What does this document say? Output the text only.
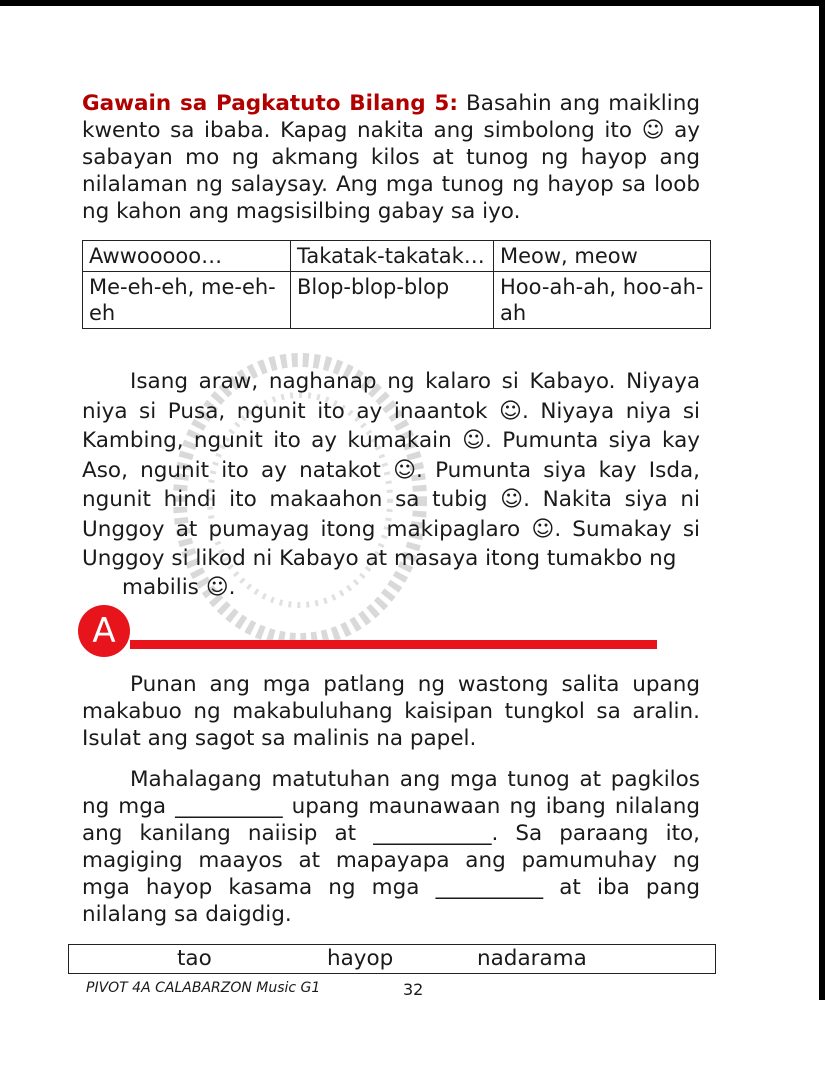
Gawain sa Pagkatuto Bilang 5: Basahin ang maikling kwento sa ibaba. Kapag nakita ang simbolong ito ☺ ay sabayan mo ng akmang kilos at tunog ng hayop ang nilalaman ng salaysay. Ang mga tunog ng hayop sa loob ng kahon ang magsisilbing gabay sa iyo.

Awwooooo…	Takatak-takatak…	Meow, meow
Me-eh-eh, me-eh-eh	Blop-blop-blop	Hoo-ah-ah, hoo-ah-ah

Isang araw, naghanap ng kalaro si Kabayo. Niyaya niya si Pusa, ngunit ito ay inaantok ☺. Niyaya niya si Kambing, ngunit ito ay kumakain ☺. Pumunta siya kay Aso, ngunit ito ay natakot ☺. Pumunta siya kay Isda, ngunit hindi ito makaahon sa tubig ☺. Nakita siya ni Unggoy at pumayag itong makipaglaro ☺. Sumakay si Unggoy si likod ni Kabayo at masaya itong tumakbo ng

mabilis ☺.
A

Punan ang mga patlang ng wastong salita upang makabuo ng makabuluhang kaisipan tungkol sa aralin. Isulat ang sagot sa malinis na papel.

Mahalagang matutuhan ang mga tunog at pagkilos ng mga __________ upang maunawaan ng ibang nilalang ang kanilang naiisip at ___________. Sa paraang ito, magiging maayos at mapayapa ang pamumuhay ng mga hayop kasama ng mga __________ at iba pang nilalang sa daigdig.

tao	hayop	nadarama
PIVOT 4A CALABARZON Music G1	32
